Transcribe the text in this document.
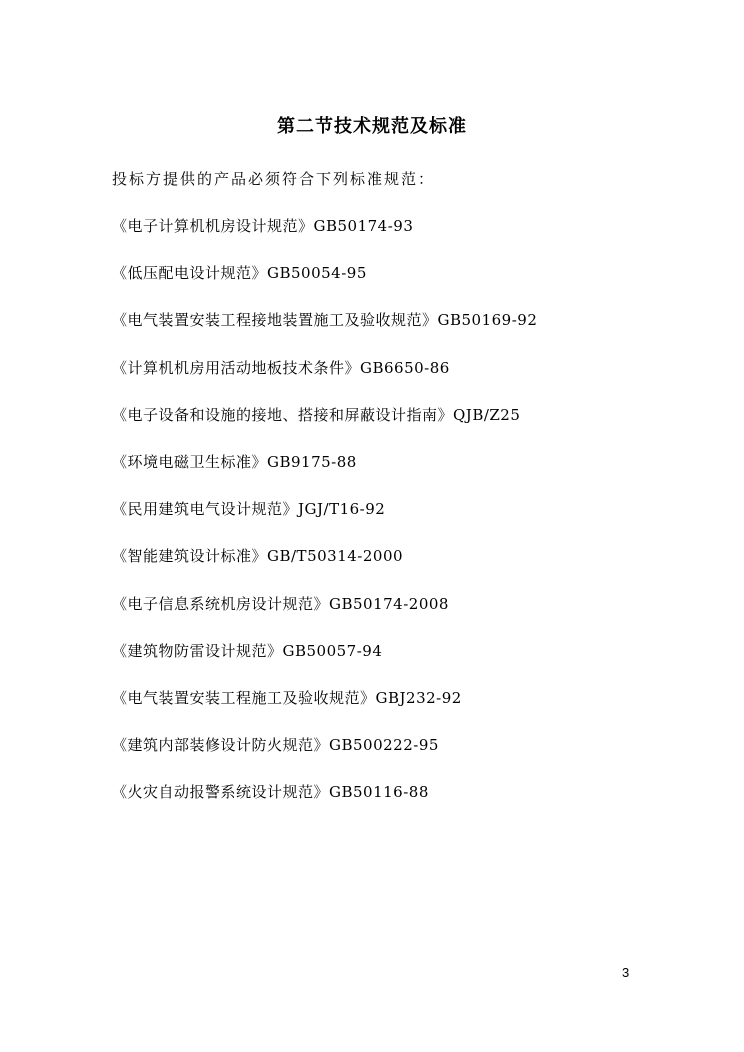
第二节技术规范及标准
投标方提供的产品必须符合下列标准规范：
《电子计算机机房设计规范》GB50174-93
《低压配电设计规范》GB50054-95
《电气装置安装工程接地装置施工及验收规范》GB50169-92
《计算机机房用活动地板技术条件》GB6650-86
《电子设备和设施的接地、搭接和屏蔽设计指南》QJB/Z25
《环境电磁卫生标准》GB9175-88
《民用建筑电气设计规范》JGJ/T16-92
《智能建筑设计标准》GB/T50314-2000
《电子信息系统机房设计规范》GB50174-2008
《建筑物防雷设计规范》GB50057-94
《电气装置安装工程施工及验收规范》GBJ232-92
《建筑内部装修设计防火规范》GB500222-95
《火灾自动报警系统设计规范》GB50116-88
3
